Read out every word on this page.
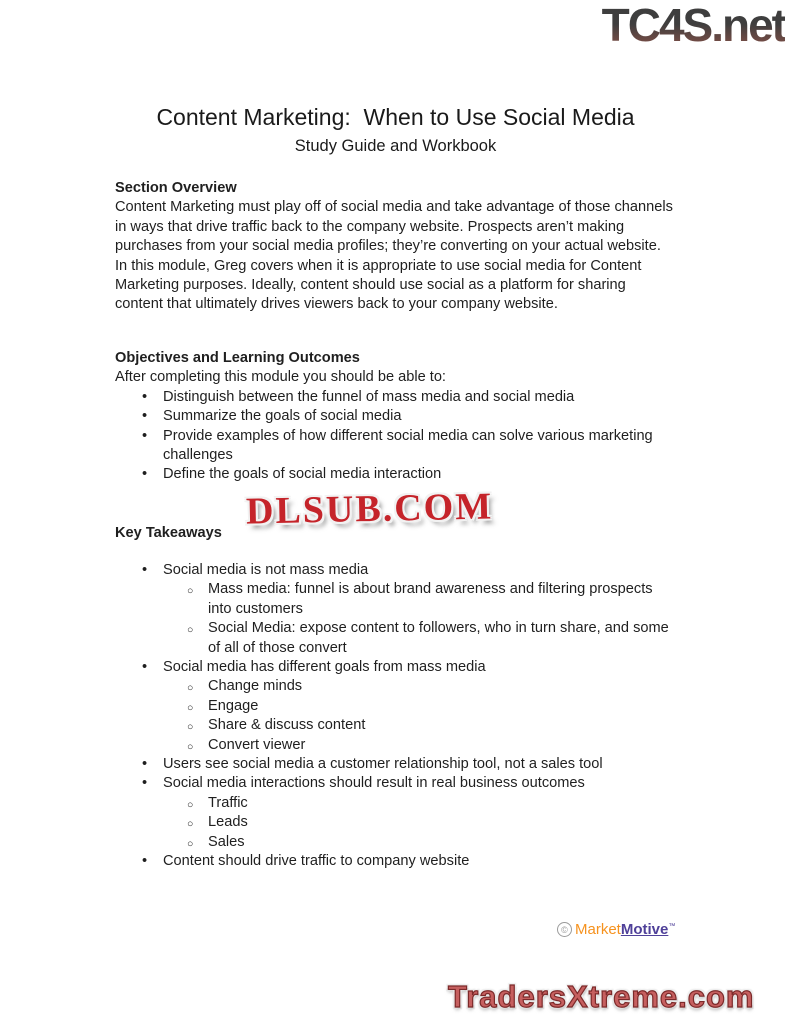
TC4S.net
Content Marketing:  When to Use Social Media
Study Guide and Workbook
Section Overview

Content Marketing must play off of social media and take advantage of those channels in ways that drive traffic back to the company website. Prospects aren’t making purchases from your social media profiles; they’re converting on your actual website. In this module, Greg covers when it is appropriate to use social media for Content Marketing purposes. Ideally, content should use social as a platform for sharing content that ultimately drives viewers back to your company website.

Objectives and Learning Outcomes
After completing this module you should be able to:
• Distinguish between the funnel of mass media and social media
• Summarize the goals of social media
• Provide examples of how different social media can solve various marketing challenges
• Define the goals of social media interaction
DLSUB.COM
Key Takeaways
• Social media is not mass media
○ Mass media: funnel is about brand awareness and filtering prospects into customers
○ Social Media: expose content to followers, who in turn share, and some of all of those convert
• Social media has different goals from mass media
○ Change minds
○ Engage
○ Share & discuss content
○ Convert viewer
• Users see social media a customer relationship tool, not a sales tool
• Social media interactions should result in real business outcomes
○ Traffic
○ Leads
○ Sales
• Content should drive traffic to company website
© Market Motive ™
TradersXtreme.com
